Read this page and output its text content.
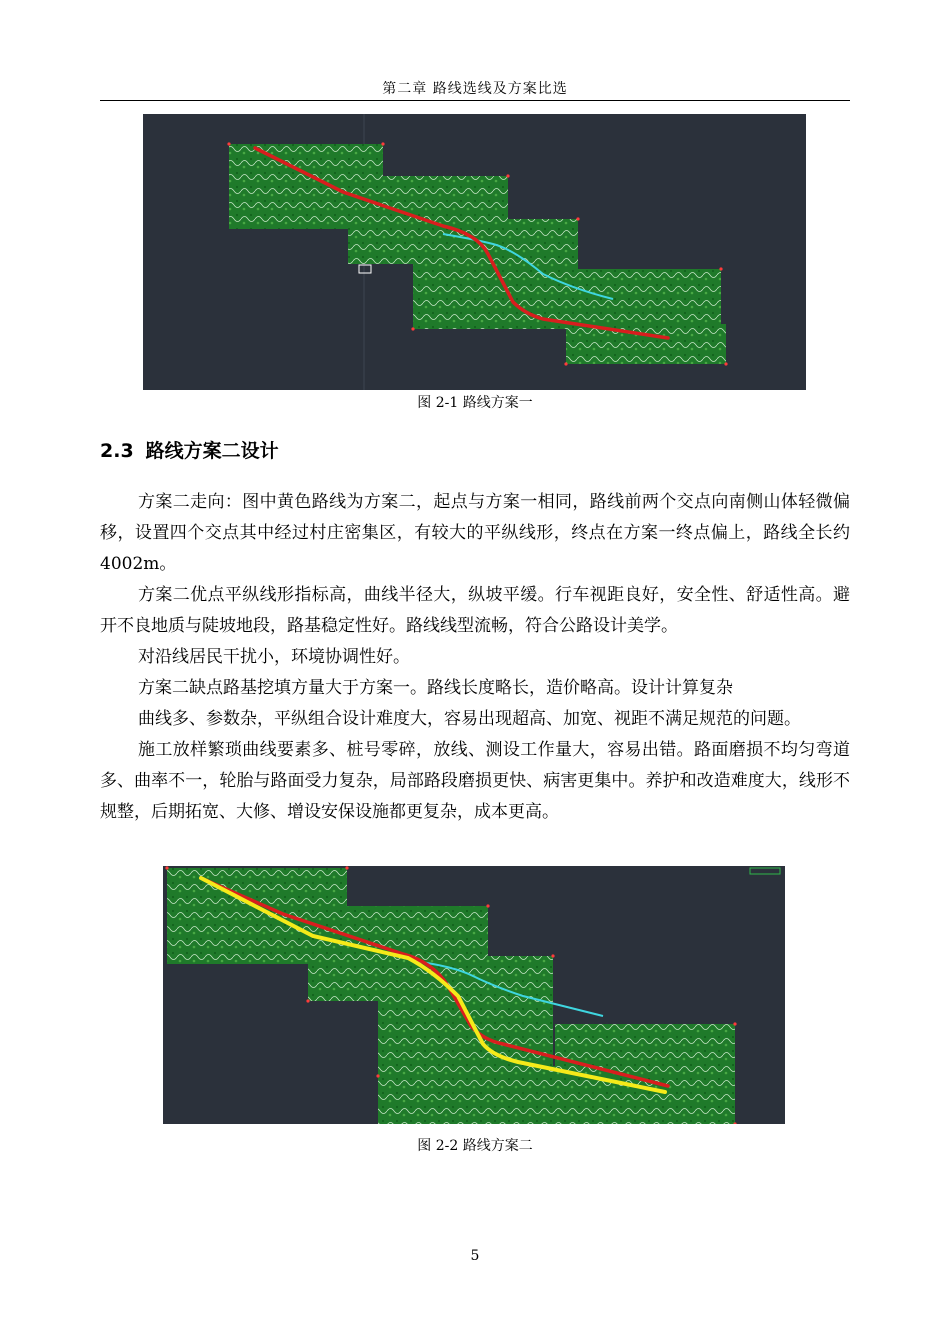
第二章 路线选线及方案比选
图 2-1 路线方案一
2.3 路线方案二设计

方案二走向：图中黄色路线为方案二，起点与方案一相同，路线前两个交点向南侧山体轻微偏移，设置四个交点其中经过村庄密集区，有较大的平纵线形，终点在方案一终点偏上，路线全长约 4002m。

方案二优点平纵线形指标高，曲线半径大，纵坡平缓。行车视距良好，安全性、舒适性高。避开不良地质与陡坡地段，路基稳定性好。路线线型流畅，符合公路设计美学。

对沿线居民干扰小，环境协调性好。

方案二缺点路基挖填方量大于方案一。路线长度略长，造价略高。设计计算复杂

曲线多、参数杂，平纵组合设计难度大，容易出现超高、加宽、视距不满足规范的问题。

施工放样繁琐曲线要素多、桩号零碎，放线、测设工作量大，容易出错。路面磨损不均匀弯道多、曲率不一，轮胎与路面受力复杂，局部路段磨损更快、病害更集中。养护和改造难度大，线形不规整，后期拓宽、大修、增设安保设施都更复杂，成本更高。

图 2-2 路线方案二
5
